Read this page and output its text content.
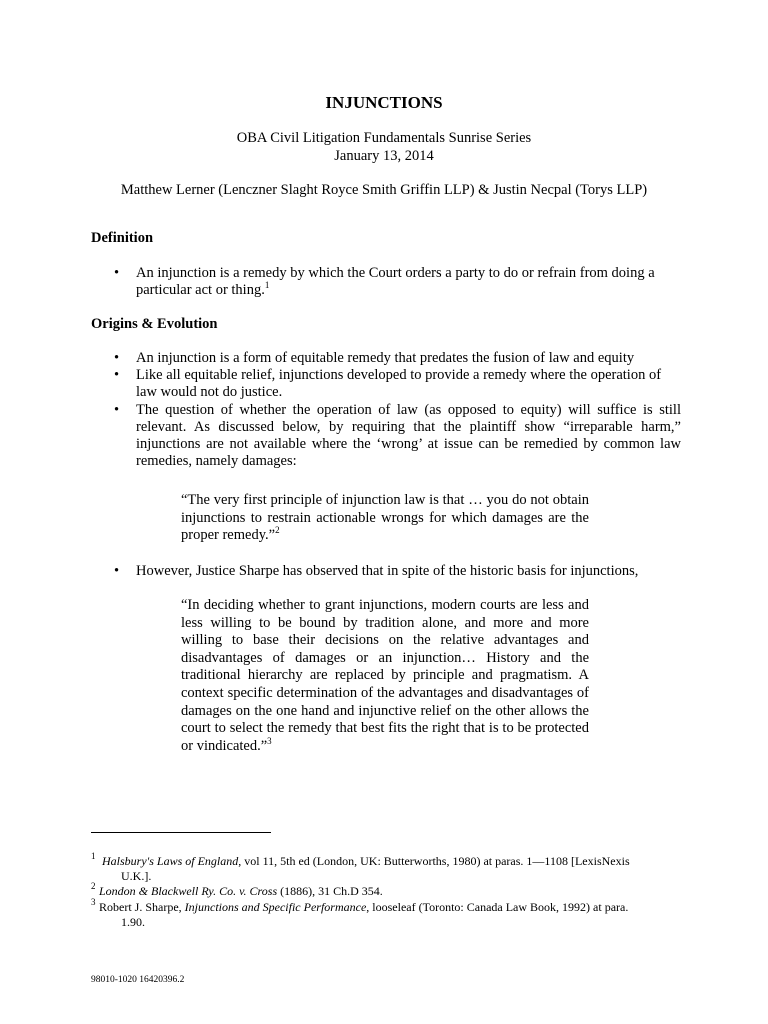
INJUNCTIONS
OBA Civil Litigation Fundamentals Sunrise Series
January 13, 2014
Matthew Lerner (Lenczner Slaght Royce Smith Griffin LLP) & Justin Necpal (Torys LLP)
Definition
• An injunction is a remedy by which the Court orders a party to do or refrain from doing a particular act or thing.$^1$
Origins & Evolution
• An injunction is a form of equitable remedy that predates the fusion of law and equity
• Like all equitable relief, injunctions developed to provide a remedy where the operation of law would not do justice.
• The question of whether the operation of law (as opposed to equity) will suffice is still relevant. As discussed below, by requiring that the plaintiff show “irreparable harm,” injunctions are not available where the ‘wrong’ at issue can be remedied by common law remedies, namely damages:
“The very first principle of injunction law is that … you do not obtain injunctions to restrain actionable wrongs for which damages are the proper remedy.”$^2$
• However, Justice Sharpe has observed that in spite of the historic basis for injunctions,
“In deciding whether to grant injunctions, modern courts are less and less willing to be bound by tradition alone, and more and more willing to base their decisions on the relative advantages and disadvantages of damages or an injunction… History and the traditional hierarchy are replaced by principle and pragmatism. A context specific determination of the advantages and disadvantages of damages on the one hand and injunctive relief on the other allows the court to select the remedy that best fits the right that is to be protected or vindicated.”$^3$
$^1$ Halsbury's Laws of England, vol 11, 5th ed (London, UK: Butterworths, 1980) at paras. 1―1108 [LexisNexis
U.K.].
$^2$ London & Blackwell Ry. Co. v. Cross (1886), 31 Ch.D 354.
$^3$ Robert J. Sharpe, Injunctions and Specific Performance, looseleaf (Toronto: Canada Law Book, 1992) at para.
1.90.
98010-1020 16420396.2
